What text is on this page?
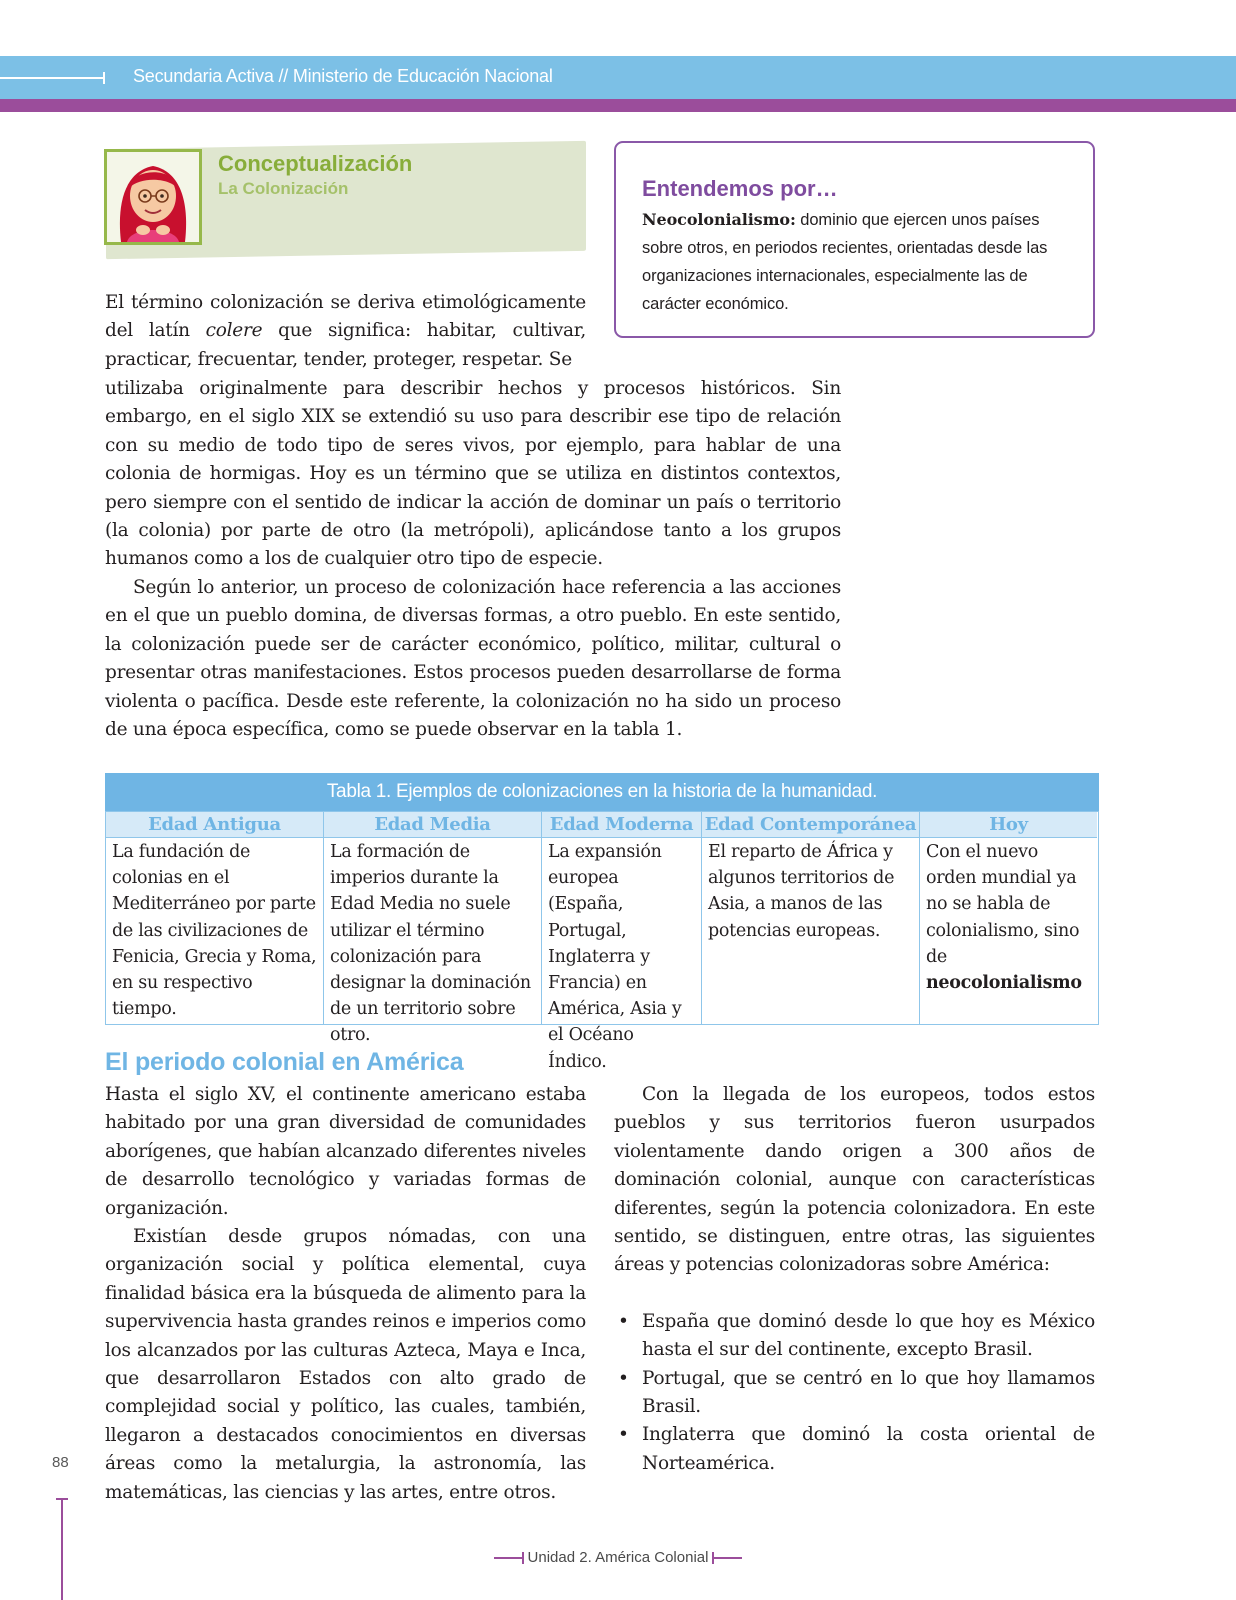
Secundaria Activa // Ministerio de Educación Nacional
Conceptualización
La Colonización	Entendemos por…
Neocolonialismo: dominio que ejercen unos países sobre otros, en periodos recientes, orientadas desde las organizaciones internacionales, especialmente las de carácter económico.

El término colonización se deriva etimológicamente del latín colere que significa: habitar, cultivar, practicar, frecuentar, tender, proteger, respetar. Se

utilizaba originalmente para describir hechos y procesos históricos. Sin embargo, en el siglo XIX se extendió su uso para describir ese tipo de relación con su medio de todo tipo de seres vivos, por ejemplo, para hablar de una colonia de hormigas. Hoy es un término que se utiliza en distintos contextos, pero siempre con el sentido de indicar la acción de dominar un país o territorio (la colonia) por parte de otro (la metrópoli), aplicándose tanto a los grupos humanos como a los de cualquier otro tipo de especie.

Según lo anterior, un proceso de colonización hace referencia a las acciones en el que un pueblo domina, de diversas formas, a otro pueblo. En este sentido, la colonización puede ser de carácter económico, político, militar, cultural o presentar otras manifestaciones. Estos procesos pueden desarrollarse de forma violenta o pacífica. Desde este referente, la colonización no ha sido un proceso de una época específica, como se puede observar en la tabla 1.

Tabla 1. Ejemplos de colonizaciones en la historia de la humanidad.
Edad Antigua
La fundación de colonias en el Mediterráneo por parte de las civilizaciones de Fenicia, Grecia y Roma, en su respectivo tiempo.
Edad Media
La formación de imperios durante la Edad Media no suele utilizar el término colonización para designar la dominación de un territorio sobre otro.
Edad Moderna
La expansión europea (España, Portugal, Inglaterra y Francia) en América, Asia y el Océano Índico.
Edad Contemporánea
El reparto de África y algunos territorios de Asia, a manos de las potencias europeas.
Hoy
Con el nuevo orden mundial ya no se habla de colonialismo, sino de neocolonialismo
El periodo colonial en América

Hasta el siglo XV, el continente americano estaba habitado por una gran diversidad de comunidades aborígenes, que habían alcanzado diferentes niveles de desarrollo tecnológico y variadas formas de organización.

Existían desde grupos nómadas, con una organización social y política elemental, cuya finalidad básica era la búsqueda de alimento para la supervivencia hasta grandes reinos e imperios como los alcanzados por las culturas Azteca, Maya e Inca, que desarrollaron Estados con alto grado de complejidad social y político, las cuales, también, llegaron a destacados conocimientos en diversas áreas como la metalurgia, la astronomía, las matemáticas, las ciencias y las artes, entre otros.

Con la llegada de los europeos, todos estos pueblos y sus territorios fueron usurpados violentamente dando origen a 300 años de dominación colonial, aunque con características diferentes, según la potencia colonizadora. En este sentido, se distinguen, entre otras, las siguientes áreas y potencias colonizadoras sobre América:

• España que dominó desde lo que hoy es México hasta el sur del continente, excepto Brasil.
• Portugal, que se centró en lo que hoy llamamos Brasil.
• Inglaterra que dominó la costa oriental de Norteamérica.
88
Unidad 2. América Colonial
